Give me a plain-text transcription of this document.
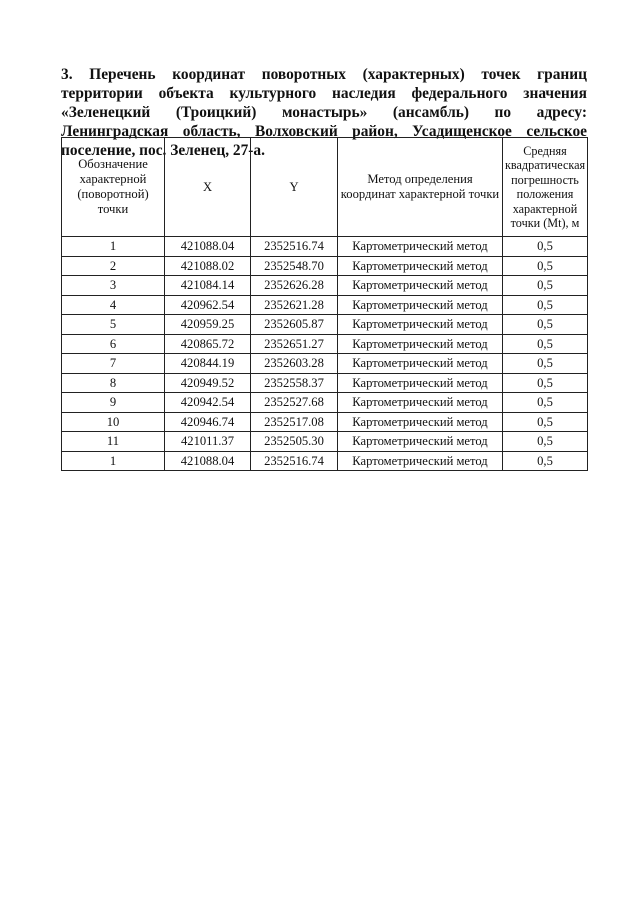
3. Перечень координат поворотных (характерных) точек границ территории объекта культурного наследия федерального значения «Зеленецкий (Троицкий) монастырь» (ансамбль) по адресу: Ленинградская область, Волховский район, Усадищенское сельское поселение, пос. Зеленец, 27-а.

Обозначение характерной (поворотной) точки	X	Y	Метод определения координат характерной точки	Средняя квадратическая погрешность положения характерной точки (Mt), м
1	421088.04	2352516.74	Картометрический метод	0,5
2	421088.02	2352548.70	Картометрический метод	0,5
3	421084.14	2352626.28	Картометрический метод	0,5
4	420962.54	2352621.28	Картометрический метод	0,5
5	420959.25	2352605.87	Картометрический метод	0,5
6	420865.72	2352651.27	Картометрический метод	0,5
7	420844.19	2352603.28	Картометрический метод	0,5
8	420949.52	2352558.37	Картометрический метод	0,5
9	420942.54	2352527.68	Картометрический метод	0,5
10	420946.74	2352517.08	Картометрический метод	0,5
11	421011.37	2352505.30	Картометрический метод	0,5
1	421088.04	2352516.74	Картометрический метод	0,5
